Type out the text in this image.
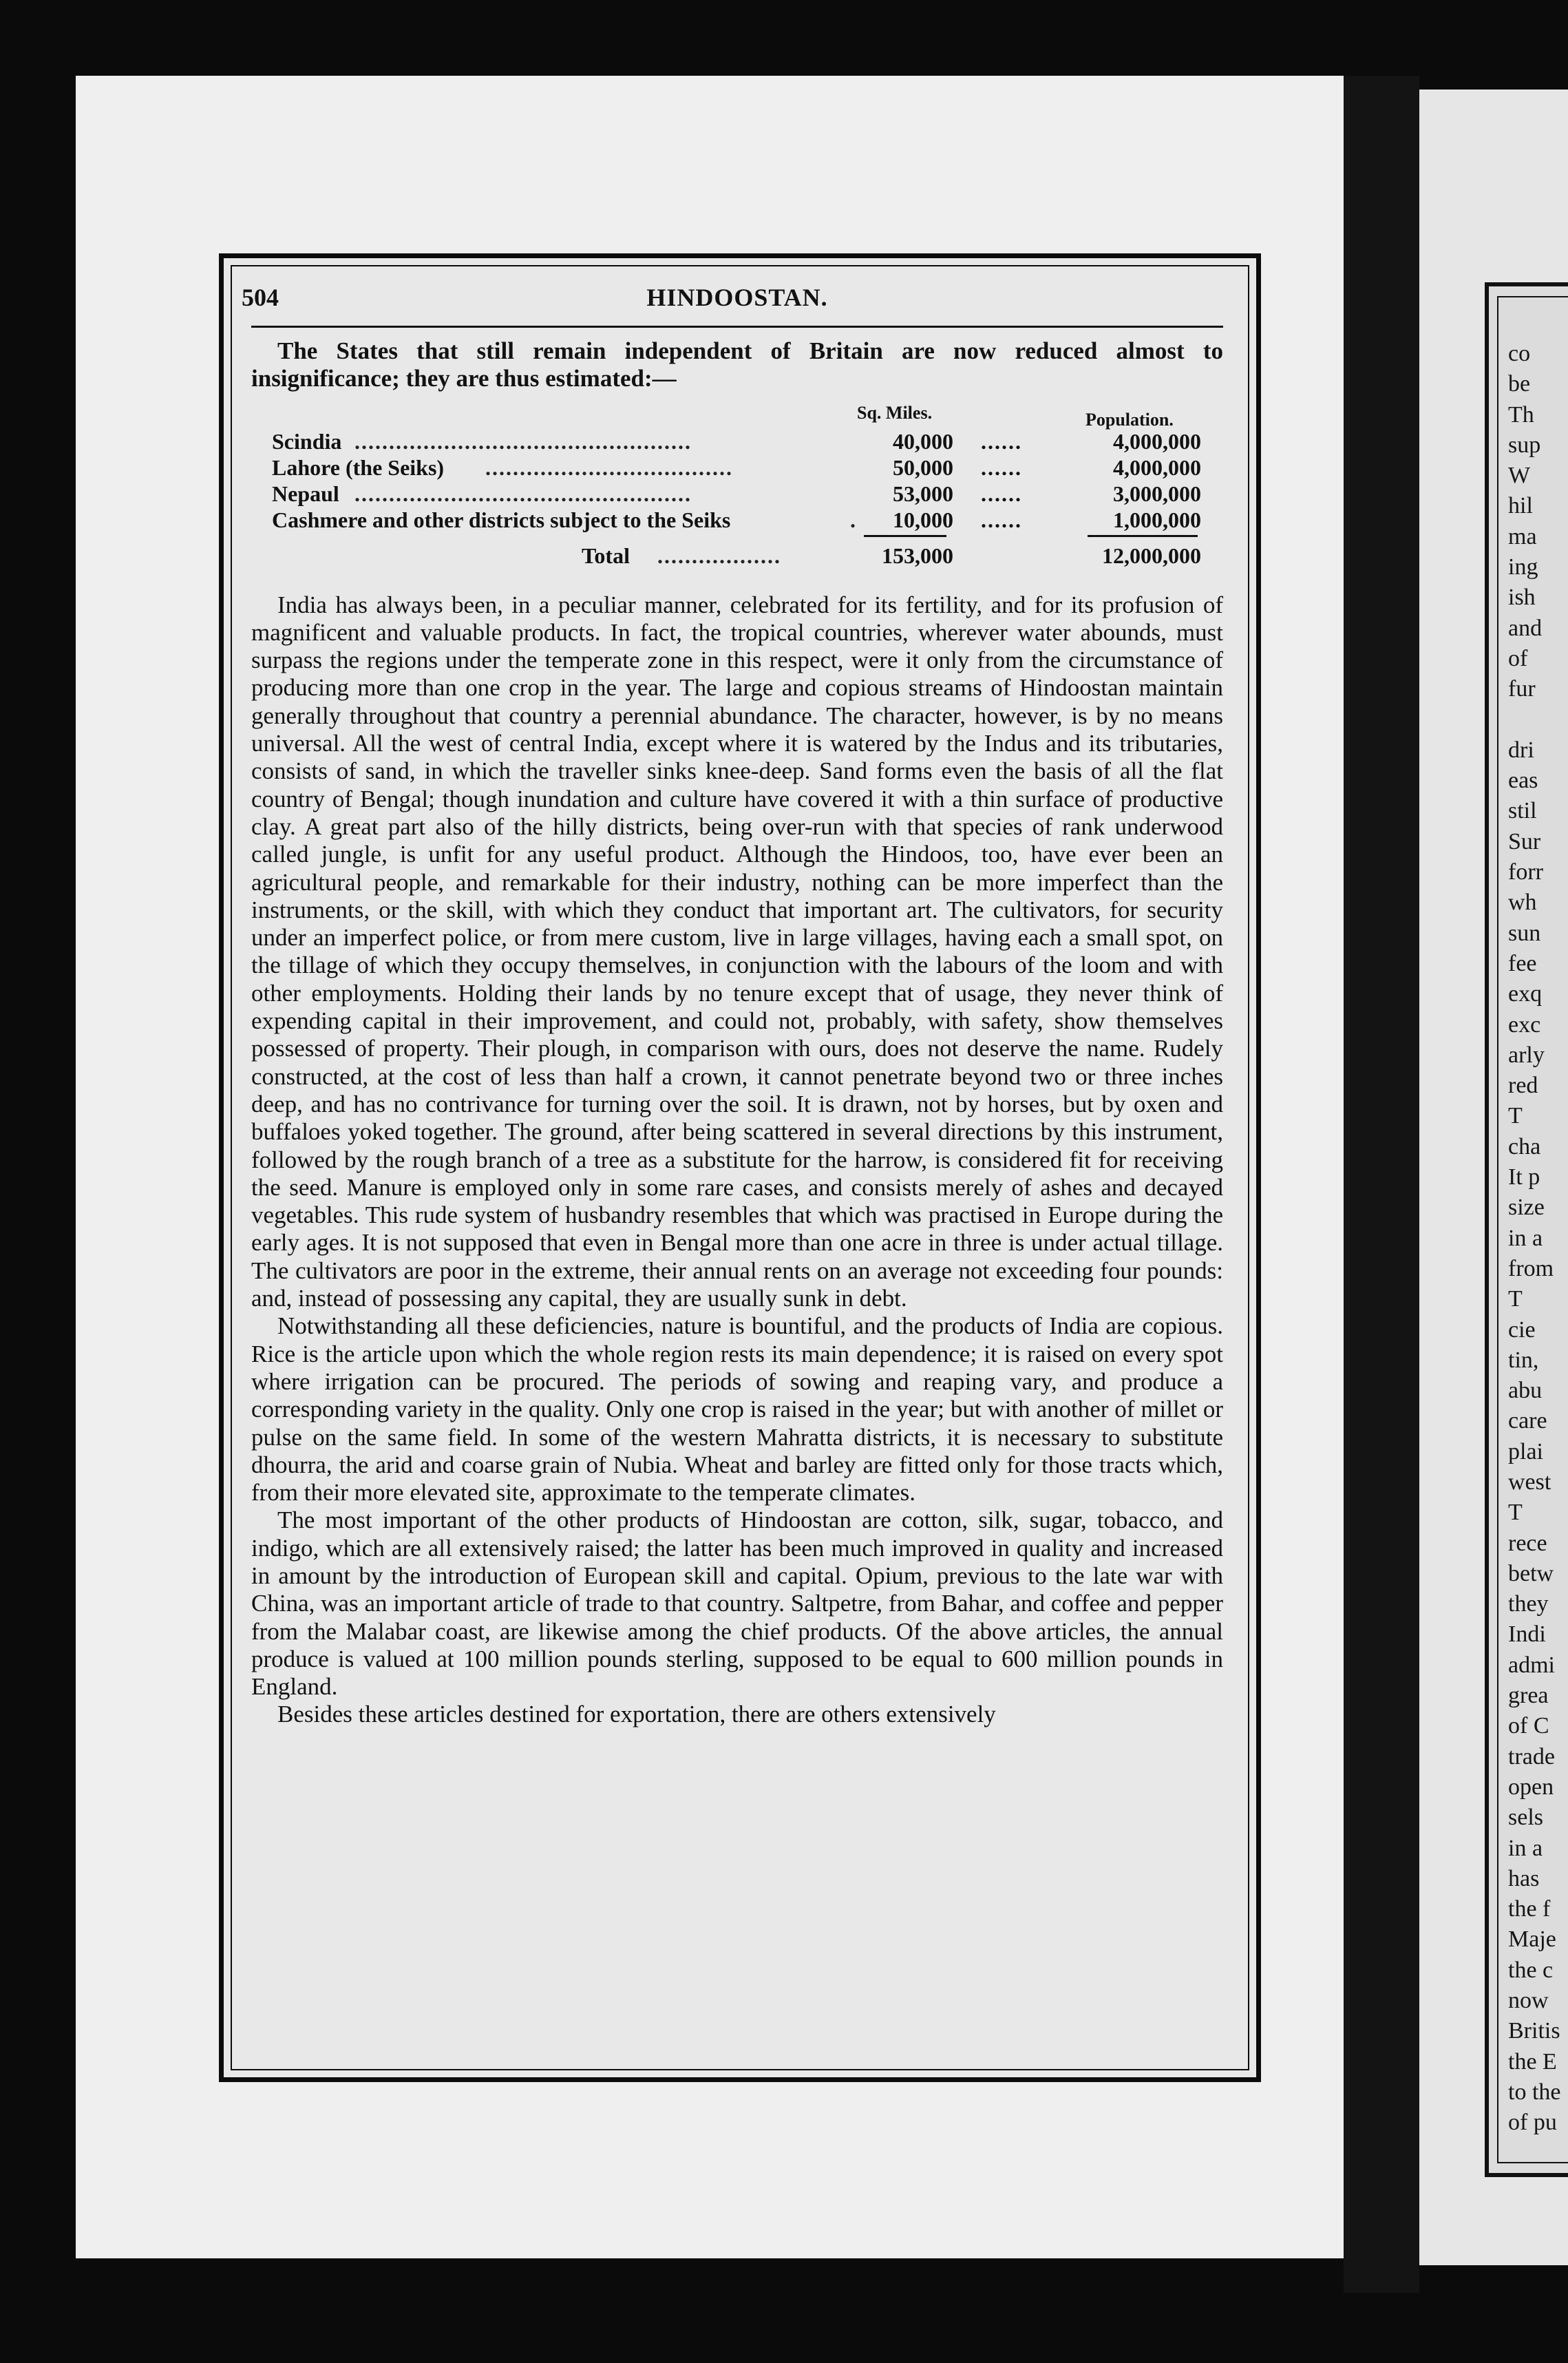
co
be
Th
sup
W
hil
ma
ing
ish
and
of
fur
dri
eas
stil
Sur
forr
wh
sun
fee
exq
exc
arly
red
T
cha
It p
size
in a
from
T
cie
tin,
abu
care
plai
west
T
rece
betw
they
Indi
admi
grea
of C
trade
open
sels
in a
has
the f
Maje
the c
now
Britis
the E
to the
of pu
504	HINDOOSTAN.

The States that still remain independent of Britain are now reduced almost to insignificance; they are thus estimated:—

Sq. Miles.	Population.
Scindia .................................................	40,000 ......	4,000,000
Lahore (the Seiks) ....................................	50,000 ......	4,000,000
Nepaul .................................................	53,000 ......	3,000,000
Cashmere and other districts subject to the Seiks	.	10,000 ......	1,000,000
Total ..................	153,000	12,000,000

India has always been, in a peculiar manner, celebrated for its fertility, and for its profusion of magnificent and valuable products. In fact, the tropical countries, wherever water abounds, must surpass the regions under the temperate zone in this respect, were it only from the circumstance of producing more than one crop in the year. The large and copious streams of Hindoostan maintain generally throughout that country a perennial abundance. The character, however, is by no means universal. All the west of central India, except where it is watered by the Indus and its tributaries, consists of sand, in which the traveller sinks knee-deep. Sand forms even the basis of all the flat country of Bengal; though inundation and culture have covered it with a thin surface of productive clay. A great part also of the hilly districts, being over-run with that species of rank underwood called jungle, is unfit for any useful product. Although the Hindoos, too, have ever been an agricultural people, and remarkable for their industry, nothing can be more imperfect than the instruments, or the skill, with which they conduct that important art. The cultivators, for security under an imperfect police, or from mere custom, live in large villages, having each a small spot, on the tillage of which they occupy themselves, in conjunction with the labours of the loom and with other employments. Holding their lands by no tenure except that of usage, they never think of expending capital in their improvement, and could not, probably, with safety, show themselves possessed of property. Their plough, in comparison with ours, does not deserve the name. Rudely constructed, at the cost of less than half a crown, it cannot penetrate beyond two or three inches deep, and has no contrivance for turning over the soil. It is drawn, not by horses, but by oxen and buffaloes yoked together. The ground, after being scattered in several directions by this instrument, followed by the rough branch of a tree as a substitute for the harrow, is considered fit for receiving the seed. Manure is employed only in some rare cases, and consists merely of ashes and decayed vegetables. This rude system of husbandry resembles that which was practised in Europe during the early ages. It is not supposed that even in Bengal more than one acre in three is under actual tillage. The cultivators are poor in the extreme, their annual rents on an average not exceeding four pounds: and, instead of possessing any capital, they are usually sunk in debt.

Notwithstanding all these deficiencies, nature is bountiful, and the products of India are copious. Rice is the article upon which the whole region rests its main dependence; it is raised on every spot where irrigation can be procured. The periods of sowing and reaping vary, and produce a corresponding variety in the quality. Only one crop is raised in the year; but with another of millet or pulse on the same field. In some of the western Mahratta districts, it is necessary to substitute dhourra, the arid and coarse grain of Nubia. Wheat and barley are fitted only for those tracts which, from their more elevated site, approximate to the temperate climates.

The most important of the other products of Hindoostan are cotton, silk, sugar, tobacco, and indigo, which are all extensively raised; the latter has been much improved in quality and increased in amount by the introduction of European skill and capital. Opium, previous to the late war with China, was an important article of trade to that country. Saltpetre, from Bahar, and coffee and pepper from the Malabar coast, are likewise among the chief products. Of the above articles, the annual produce is valued at 100 million pounds sterling, supposed to be equal to 600 million pounds in England.

Besides these articles destined for exportation, there are others extensively
